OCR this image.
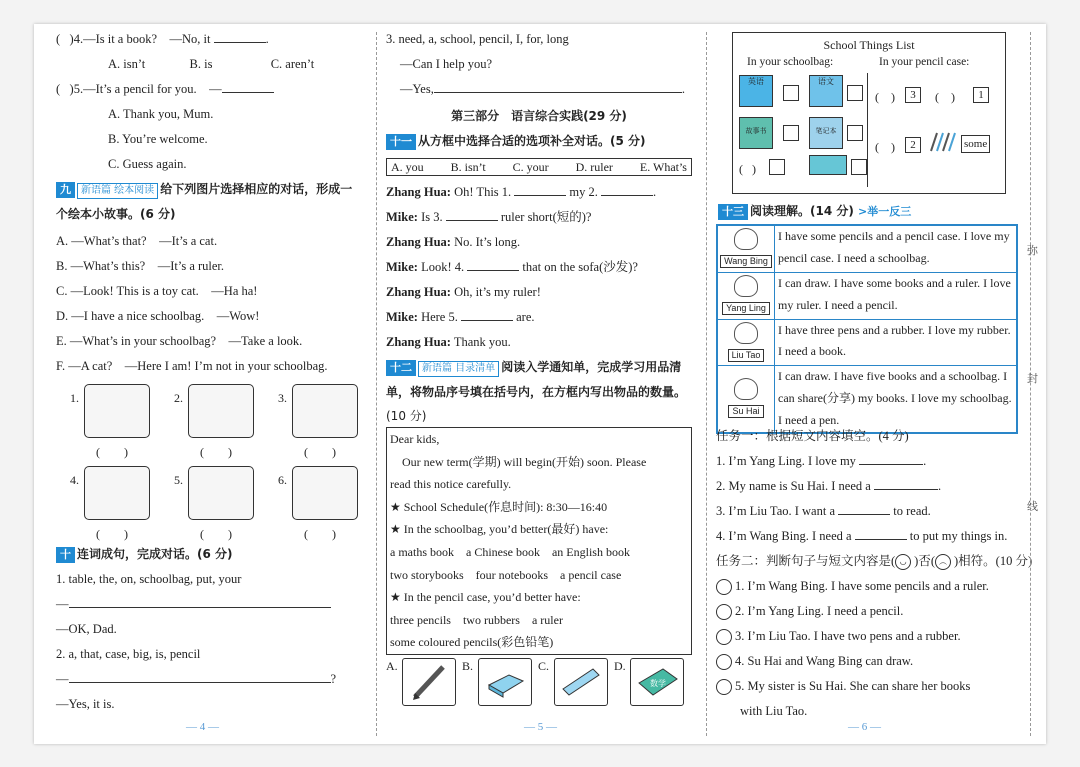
(   )4.—Is it a book?　—No, it	.
A. isn’t	B. is	C. aren’t
(   )5.—It’s a pencil for you.　—
A. Thank you, Mum.
B. You’re welcome.
C. Guess again.
九 新语篇 绘本阅读 给下列图片选择相应的对话，形成一个绘本小故事。(6 分)
A. —What’s that?　—It’s a cat.
B. —What’s this?　—It’s a ruler.
C. —Look! This is a toy cat.　—Ha ha!
D. —I have a nice schoolbag.　—Wow!
E. —What’s in your schoolbag?　—Take a look.
F. —A cat?　—Here I am! I’m not in your schoolbag.
1.
(　　)
2.
(　　)
3.
(　　)
4.
(　　)
5.
(　　)
6.
(　　)
十 连词成句，完成对话。(6 分)
1. table, the, on, schoolbag, put, your
—
—OK, Dad.
2. a, that, case, big, is, pencil
—	?
—Yes, it is.
— 4 —
3. need, a, school, pencil, I, for, long
—Can I help you?
—Yes,	.
第三部分　语言综合实践(29 分)
十一 从方框中选择合适的选项补全对话。(5 分)
A. you B. isn’t C. your D. ruler E. What’s
Zhang Hua: Oh! This 1.	my 2.	.
Mike: Is 3.	ruler short(短的)?
Zhang Hua: No. It’s long.
Mike: Look! 4.	that on the sofa(沙发)?
Zhang Hua: Oh, it’s my ruler!
Mike: Here 5.	are.
Zhang Hua: Thank you.
十二 新语篇 目录清单 阅读入学通知单，完成学习用品清
单，将物品序号填在括号内，在方框内写出物品的数量。
(10 分)
Dear kids,
　Our new term(学期) will begin(开始) soon. Please
read this notice carefully.
★ School Schedule(作息时间): 8:30—16:40
★ In the schoolbag, you’d better(最好) have:
a maths book　a Chinese book　an English book
two storybooks　four notebooks　a pencil case
★ In the pencil case, you’d better have:
three pencils　two rubbers　a ruler
some coloured pencils(彩色铅笔)
A.	B.	C.	D.
数学
— 5 —
School Things List
In your schoolbag:	In your pencil case:
英语	语文
故事书	笔记本
( )
( )	3	( )	1
( )	2	some
十三 阅读理解。(14 分) >举一反三
Wang Bing	I have some pencils and a pencil case. I love my pencil case. I need a schoolbag.

Yang Ling	I can draw. I have some books and a ruler. I love my ruler. I need a pencil.

Liu Tao	I have three pens and a rubber. I love my rubber. I need a book.

Su Hai	I can draw. I have five books and a schoolbag. I can share(分享) my books. I love my schoolbag. I need a pen.
任务一：根据短文内容填空。(4 分)
1. I’m Yang Ling. I love my	.
2. My name is Su Hai. I need a	.
3. I’m Liu Tao. I want a	to read.
4. I’m Wang Bing. I need a	to put my things in.
任务二：判断句子与短文内容是( ◡ )否( ︵ )相符。(10 分)
1. I’m Wang Bing. I have some pencils and a ruler.
2. I’m Yang Ling. I need a pencil.
3. I’m Liu Tao. I have two pens and a rubber.
4. Su Hai and Wang Bing can draw.
5. My sister is Su Hai. She can share her books
with Liu Tao.
— 6 —
弥
封
线
